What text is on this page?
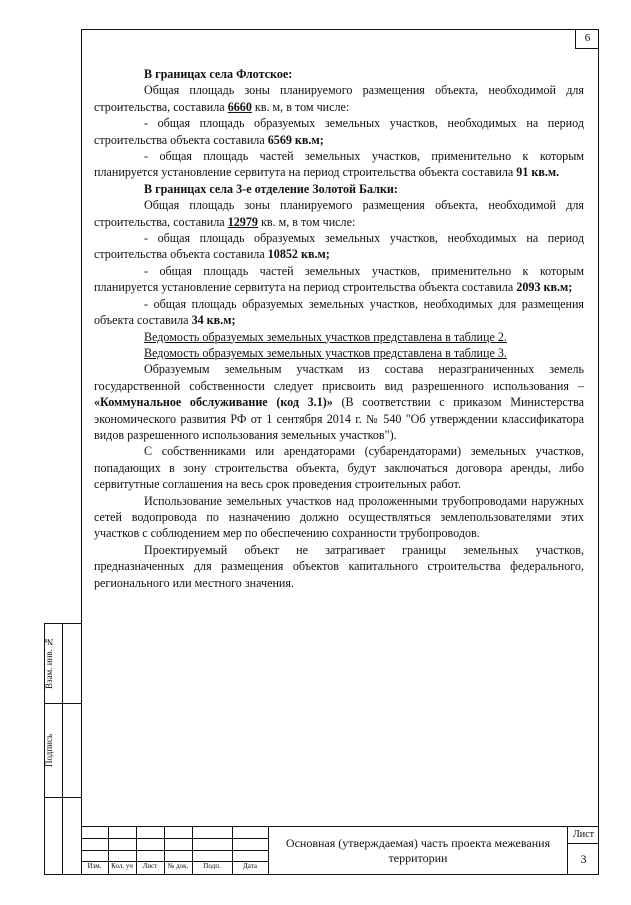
6

В границах села Флотское:

Общая площадь зоны планируемого размещения объекта, необходимой для строительства, составила 6660 кв. м, в том числе:

- общая площадь образуемых земельных участков, необходимых на период строительства объекта составила 6569 кв.м;

- общая площадь частей земельных участков, применительно к которым планируется установление сервитута на период строительства объекта составила 91 кв.м.

В границах села 3-е отделение Золотой Балки:

Общая площадь зоны планируемого размещения объекта, необходимой для строительства, составила 12979 кв. м, в том числе:

- общая площадь образуемых земельных участков, необходимых на период строительства объекта составила 10852 кв.м;

- общая площадь частей земельных участков, применительно к которым планируется установление сервитута на период строительства объекта составила 2093 кв.м;

- общая площадь образуемых земельных участков, необходимых для размещения объекта составила 34 кв.м;

Ведомость образуемых земельных участков представлена в таблице 2.

Ведомость образуемых земельных участков представлена в таблице 3.

Образуемым земельным участкам из состава неразграниченных земель государственной собственности следует присвоить вид разрешенного использования – «Коммунальное обслуживание (код 3.1)» (В соответствии с приказом Министерства экономического развития РФ от 1 сентября 2014 г. № 540 "Об утверждении классификатора видов разрешенного использования земельных участков").

С собственниками или арендаторами (субарендаторами) земельных участков, попадающих в зону строительства объекта, будут заключаться договора аренды, либо сервитутные соглашения на весь срок проведения строительных работ.

Использование земельных участков над проложенными трубопроводами наружных сетей водопровода по назначению должно осуществляться землепользователями этих участков с соблюдением мер по обеспечению сохранности трубопроводов.

Проектируемый объект не затрагивает границы земельных участков, предназначенных для размещения объектов капитального строительства федерального, регионального или местного значения.

Взам. инв. №
Подпись
Изм.	Кол. уч	Лист	№ док.	Подп.	Дата
Основная (утверждаемая) часть проекта межевания территории
Лист
3
